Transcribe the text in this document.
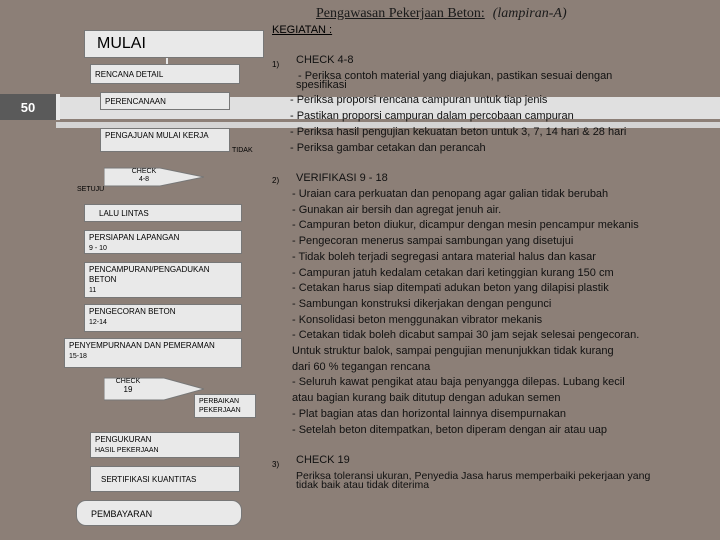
Pengawasan Pekerjaan Beton: (lampiran-A)
KEGIATAN :
50
MULAI
RENCANA DETAIL
PERENCANAAN
PENGAJUAN MULAI KERJA
TIDAK
CHECK
4-8
SETUJU
LALU LINTAS
PERSIAPAN LAPANGAN
9 - 10
PENCAMPURAN/PENGADUKAN BETON
11
PENGECORAN BETON
12-14
PENYEMPURNAAN DAN PEMERAMAN
15-18
CHECK
19
PERBAIKAN PEKERJAAN
PENGUKURAN
HASIL PEKERJAAN
SERTIFIKASI KUANTITAS
PEMBAYARAN
1) CHECK 4-8
- Periksa contoh material yang diajukan, pastikan sesuai dengan
spesifikasi
- Periksa proporsi rencana campuran untuk tiap jenis
- Pastikan proporsi campuran dalam percobaan campuran
- Periksa hasil pengujian kekuatan beton untuk 3, 7, 14 hari & 28 hari
- Periksa gambar cetakan dan perancah
2) VERIFIKASI 9 - 18
- Uraian cara perkuatan dan penopang agar galian tidak berubah
- Gunakan air bersih dan agregat jenuh air.
- Campuran beton diukur, dicampur dengan mesin pencampur mekanis
- Pengecoran menerus sampai sambungan yang disetujui
- Tidak boleh terjadi segregasi antara material halus dan kasar
- Campuran jatuh kedalam cetakan dari ketinggian kurang 150 cm
- Cetakan harus siap ditempati adukan beton yang dilapisi plastik
- Sambungan konstruksi dikerjakan dengan pengunci
- Konsolidasi beton menggunakan vibrator mekanis
- Cetakan tidak boleh dicabut sampai 30 jam sejak selesai pengecoran.
Untuk struktur balok, sampai pengujian menunjukkan tidak kurang
dari 60 % tegangan rencana
- Seluruh kawat pengikat atau baja penyangga dilepas. Lubang kecil
atau bagian kurang baik ditutup dengan adukan semen
- Plat bagian atas dan horizontal lainnya disempurnakan
- Setelah beton ditempatkan, beton diperam dengan air atau uap
3) CHECK 19
Periksa toleransi ukuran, Penyedia Jasa harus memperbaiki pekerjaan yang
tidak baik atau tidak diterima
